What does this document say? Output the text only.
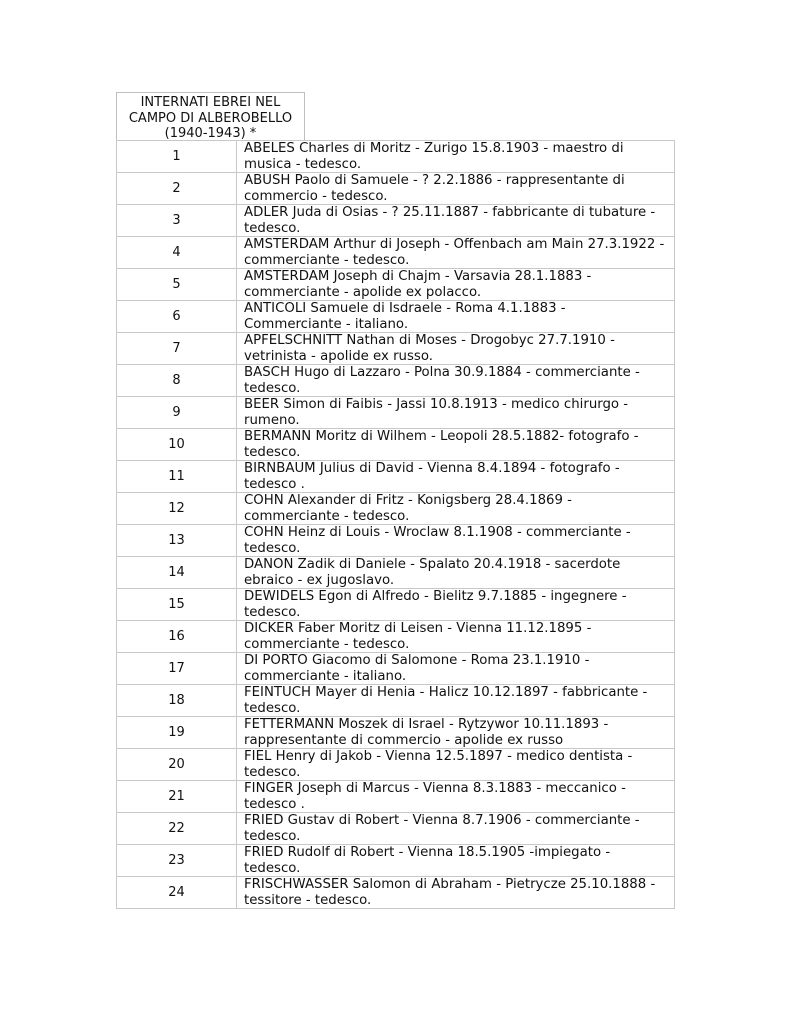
INTERNATI EBREI NEL
CAMPO DI ALBEROBELLO
(1940-1943) *
1	ABELES Charles di Moritz - Zurigo 15.8.1903 - maestro di
musica - tedesco.

2	ABUSH Paolo di Samuele - ? 2.2.1886 - rappresentante di
commercio - tedesco.

3	ADLER Juda di Osias - ? 25.11.1887 - fabbricante di tubature -
tedesco.

4	AMSTERDAM Arthur di Joseph - Offenbach am Main 27.3.1922 -
commerciante - tedesco.

5	AMSTERDAM Joseph di Chajm - Varsavia 28.1.1883 -
commerciante - apolide ex polacco.

6	ANTICOLI Samuele di Isdraele - Roma 4.1.1883 -
Commerciante - italiano.

7	APFELSCHNITT Nathan di Moses - Drogobyc 27.7.1910 -
vetrinista - apolide ex russo.

8	BASCH Hugo di Lazzaro - Polna 30.9.1884 - commerciante -
tedesco.

9	BEER Simon di Faibis - Jassi 10.8.1913 - medico chirurgo -
rumeno.

10	BERMANN Moritz di Wilhem - Leopoli 28.5.1882- fotografo -
tedesco.

11	BIRNBAUM Julius di David - Vienna 8.4.1894 - fotografo -
tedesco .

12	COHN Alexander di Fritz - Konigsberg 28.4.1869 -
commerciante - tedesco.

13	COHN Heinz di Louis - Wroclaw 8.1.1908 - commerciante -
tedesco.

14	DANON Zadik di Daniele - Spalato 20.4.1918 - sacerdote
ebraico - ex jugoslavo.

15	DEWIDELS Egon di Alfredo - Bielitz 9.7.1885 - ingegnere -
tedesco.

16	DICKER Faber Moritz di Leisen - Vienna 11.12.1895 -
commerciante - tedesco.

17	DI PORTO Giacomo di Salomone - Roma 23.1.1910 -
commerciante - italiano.

18	FEINTUCH Mayer di Henia - Halicz 10.12.1897 - fabbricante -
tedesco.

19	FETTERMANN Moszek di Israel - Rytzywor 10.11.1893 -
rappresentante di commercio - apolide ex russo

20	FIEL Henry di Jakob - Vienna 12.5.1897 - medico dentista -
tedesco.

21	FINGER Joseph di Marcus - Vienna 8.3.1883 - meccanico -
tedesco .

22	FRIED Gustav di Robert - Vienna 8.7.1906 - commerciante -
tedesco.

23	FRIED Rudolf di Robert - Vienna 18.5.1905 -impiegato -
tedesco.

24	FRISCHWASSER Salomon di Abraham - Pietrycze 25.10.1888 -
tessitore - tedesco.
